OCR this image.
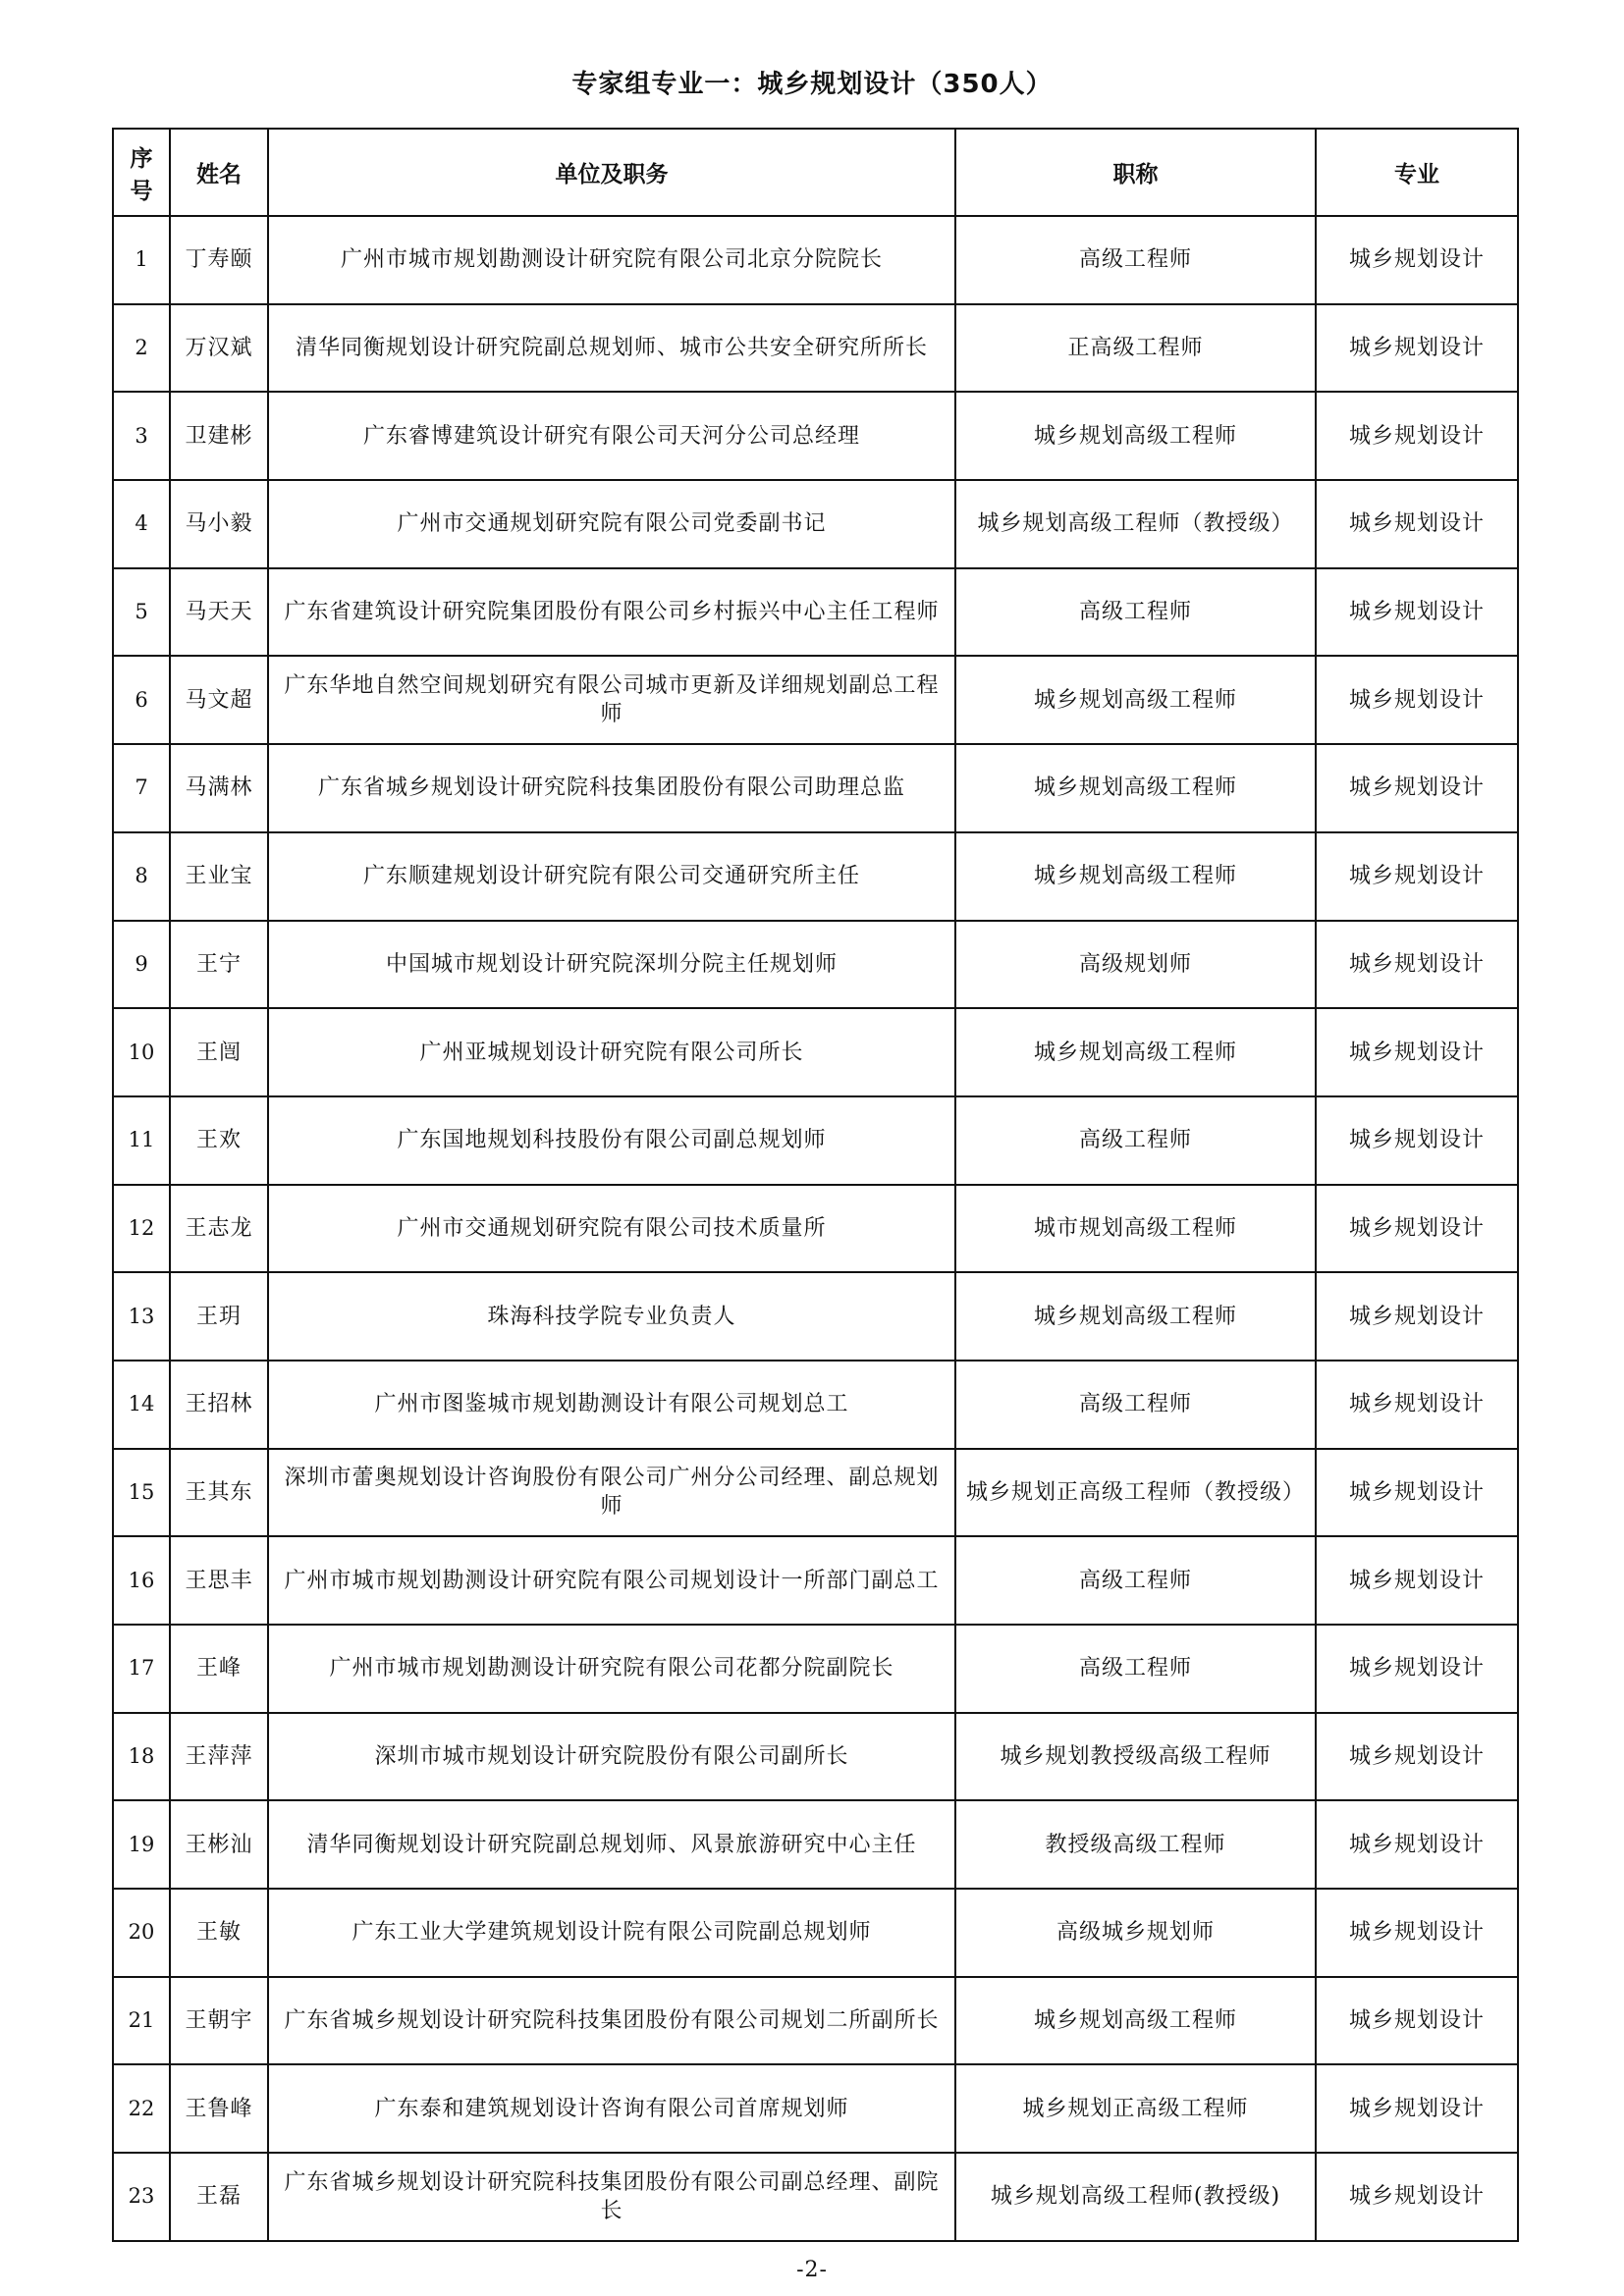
专家组专业一：城乡规划设计（350人）
序号	姓名	单位及职务	职称	专业
1	丁寿颐	广州市城市规划勘测设计研究院有限公司北京分院院长	高级工程师	城乡规划设计
2	万汉斌	清华同衡规划设计研究院副总规划师、城市公共安全研究所所长	正高级工程师	城乡规划设计
3	卫建彬	广东睿博建筑设计研究有限公司天河分公司总经理	城乡规划高级工程师	城乡规划设计
4	马小毅	广州市交通规划研究院有限公司党委副书记	城乡规划高级工程师（教授级）	城乡规划设计
5	马天天	广东省建筑设计研究院集团股份有限公司乡村振兴中心主任工程师	高级工程师	城乡规划设计
6	马文超	广东华地自然空间规划研究有限公司城市更新及详细规划副总工程师	城乡规划高级工程师	城乡规划设计
7	马满林	广东省城乡规划设计研究院科技集团股份有限公司助理总监	城乡规划高级工程师	城乡规划设计
8	王业宝	广东顺建规划设计研究院有限公司交通研究所主任	城乡规划高级工程师	城乡规划设计
9	王宁	中国城市规划设计研究院深圳分院主任规划师	高级规划师	城乡规划设计
10	王闿	广州亚城规划设计研究院有限公司所长	城乡规划高级工程师	城乡规划设计
11	王欢	广东国地规划科技股份有限公司副总规划师	高级工程师	城乡规划设计
12	王志龙	广州市交通规划研究院有限公司技术质量所	城市规划高级工程师	城乡规划设计
13	王玥	珠海科技学院专业负责人	城乡规划高级工程师	城乡规划设计
14	王招林	广州市图鉴城市规划勘测设计有限公司规划总工	高级工程师	城乡规划设计
15	王其东	深圳市蕾奥规划设计咨询股份有限公司广州分公司经理、副总规划师	城乡规划正高级工程师（教授级）	城乡规划设计
16	王思丰	广州市城市规划勘测设计研究院有限公司规划设计一所部门副总工	高级工程师	城乡规划设计
17	王峰	广州市城市规划勘测设计研究院有限公司花都分院副院长	高级工程师	城乡规划设计
18	王萍萍	深圳市城市规划设计研究院股份有限公司副所长	城乡规划教授级高级工程师	城乡规划设计
19	王彬汕	清华同衡规划设计研究院副总规划师、风景旅游研究中心主任	教授级高级工程师	城乡规划设计
20	王敏	广东工业大学建筑规划设计院有限公司院副总规划师	高级城乡规划师	城乡规划设计
21	王朝宇	广东省城乡规划设计研究院科技集团股份有限公司规划二所副所长	城乡规划高级工程师	城乡规划设计
22	王鲁峰	广东泰和建筑规划设计咨询有限公司首席规划师	城乡规划正高级工程师	城乡规划设计
23	王磊	广东省城乡规划设计研究院科技集团股份有限公司副总经理、副院长	城乡规划高级工程师(教授级)	城乡规划设计
-2-
